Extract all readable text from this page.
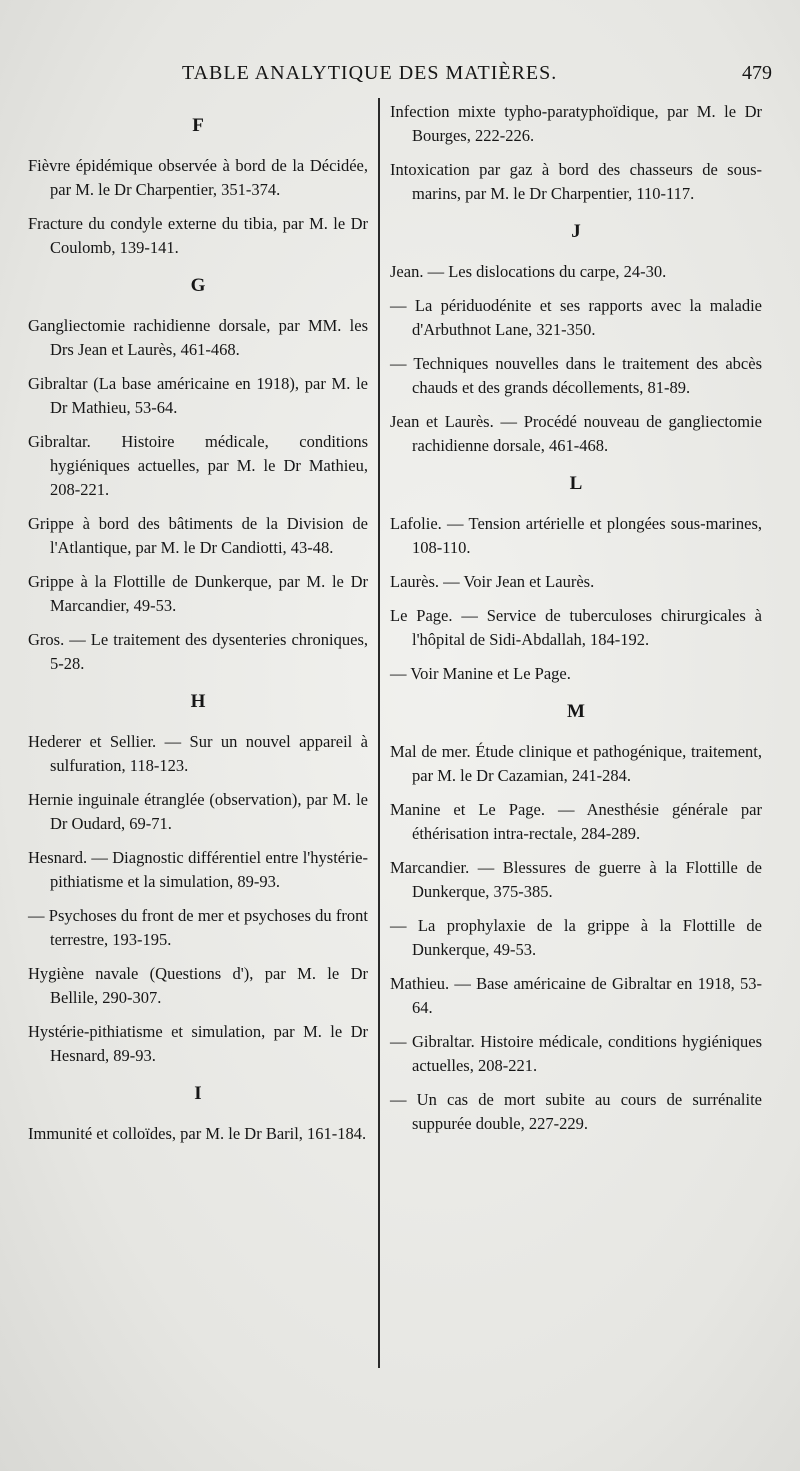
TABLE ANALYTIQUE DES MATIÈRES.	479
F

Fièvre épidémique observée à bord de la Décidée, par M. le Dr Charpentier, 351-374.

Fracture du condyle externe du tibia, par M. le Dr Coulomb, 139-141.

G

Gangliectomie rachidienne dorsale, par MM. les Drs Jean et Laurès, 461-468.

Gibraltar (La base américaine en 1918), par M. le Dr Mathieu, 53-64.

Gibraltar. Histoire médicale, conditions hygiéniques actuelles, par M. le Dr Mathieu, 208-221.

Grippe à bord des bâtiments de la Division de l'Atlantique, par M. le Dr Candiotti, 43-48.

Grippe à la Flottille de Dunkerque, par M. le Dr Marcandier, 49-53.

Gros. — Le traitement des dysenteries chroniques, 5-28.

H

Hederer et Sellier. — Sur un nouvel appareil à sulfuration, 118-123.

Hernie inguinale étranglée (observation), par M. le Dr Oudard, 69-71.

Hesnard. — Diagnostic différentiel entre l'hystérie-pithiatisme et la simulation, 89-93.

— Psychoses du front de mer et psychoses du front terrestre, 193-195.

Hygiène navale (Questions d'), par M. le Dr Bellile, 290-307.

Hystérie-pithiatisme et simulation, par M. le Dr Hesnard, 89-93.

I

Immunité et colloïdes, par M. le Dr Baril, 161-184.

Infection mixte typho-paratyphoïdique, par M. le Dr Bourges, 222-226.

Intoxication par gaz à bord des chasseurs de sous-marins, par M. le Dr Charpentier, 110-117.

J

Jean. — Les dislocations du carpe, 24-30.

— La périduodénite et ses rapports avec la maladie d'Arbuthnot Lane, 321-350.

— Techniques nouvelles dans le traitement des abcès chauds et des grands décollements, 81-89.

Jean et Laurès. — Procédé nouveau de gangliectomie rachidienne dorsale, 461-468.

L

Lafolie. — Tension artérielle et plongées sous-marines, 108-110.

Laurès. — Voir Jean et Laurès.

Le Page. — Service de tuberculoses chirurgicales à l'hôpital de Sidi-Abdallah, 184-192.

— Voir Manine et Le Page.

M

Mal de mer. Étude clinique et pathogénique, traitement, par M. le Dr Cazamian, 241-284.

Manine et Le Page. — Anesthésie générale par éthérisation intra-rectale, 284-289.

Marcandier. — Blessures de guerre à la Flottille de Dunkerque, 375-385.

— La prophylaxie de la grippe à la Flottille de Dunkerque, 49-53.

Mathieu. — Base américaine de Gibraltar en 1918, 53-64.

— Gibraltar. Histoire médicale, conditions hygiéniques actuelles, 208-221.

— Un cas de mort subite au cours de surrénalite suppurée double, 227-229.
